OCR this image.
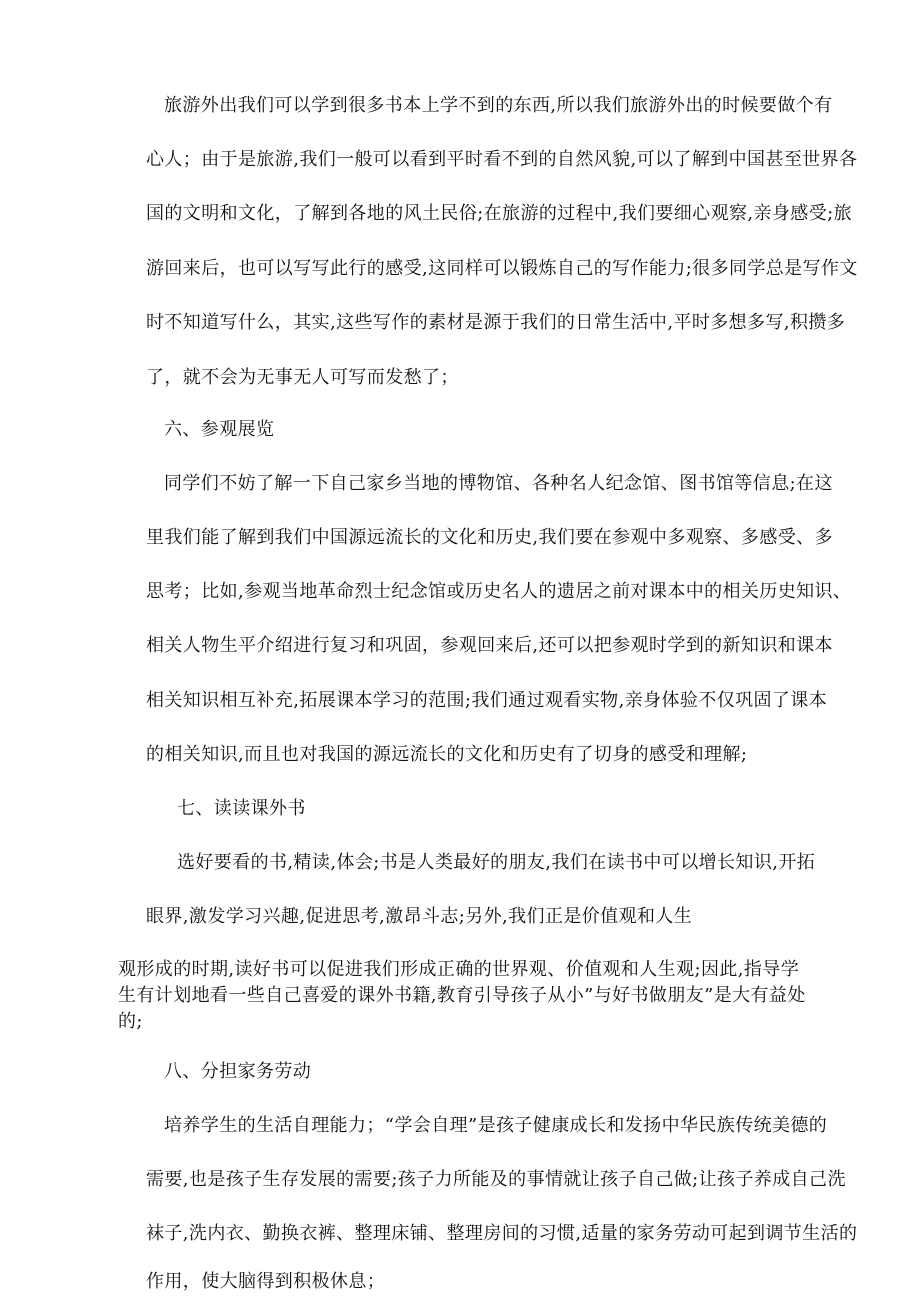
旅游外出我们可以学到很多书本上学不到的东西,所以我们旅游外出的时候要做个有

心人；由于是旅游,我们一般可以看到平时看不到的自然风貌,可以了解到中国甚至世界各

国的文明和文化，了解到各地的风土民俗;在旅游的过程中,我们要细心观察,亲身感受;旅

游回来后，也可以写写此行的感受,这同样可以锻炼自己的写作能力;很多同学总是写作文

时不知道写什么，其实,这些写作的素材是源于我们的日常生活中,平时多想多写,积攒多

了，就不会为无事无人可写而发愁了；

六、参观展览

同学们不妨了解一下自己家乡当地的博物馆、各种名人纪念馆、图书馆等信息;在这

里我们能了解到我们中国源远流长的文化和历史,我们要在参观中多观察、多感受、多

思考；比如,参观当地革命烈士纪念馆或历史名人的遗居之前对课本中的相关历史知识、

相关人物生平介绍进行复习和巩固，参观回来后,还可以把参观时学到的新知识和课本

相关知识相互补充,拓展课本学习的范围;我们通过观看实物,亲身体验不仅巩固了课本

的相关知识,而且也对我国的源远流长的文化和历史有了切身的感受和理解;

七、读读课外书

选好要看的书,精读,体会;书是人类最好的朋友,我们在读书中可以增长知识,开拓

眼界,激发学习兴趣,促进思考,激昂斗志;另外,我们正是价值观和人生

观形成的时期,读好书可以促进我们形成正确的世界观、价值观和人生观;因此,指导学

生有计划地看一些自己喜爱的课外书籍,教育引导孩子从小”与好书做朋友”是大有益处

的;

八、分担家务劳动

培养学生的生活自理能力；“学会自理”是孩子健康成长和发扬中华民族传统美德的

需要,也是孩子生存发展的需要;孩子力所能及的事情就让孩子自己做;让孩子养成自己洗

袜子,洗内衣、勤换衣裤、整理床铺、整理房间的习惯,适量的家务劳动可起到调节生活的

作用，使大脑得到积极休息；
